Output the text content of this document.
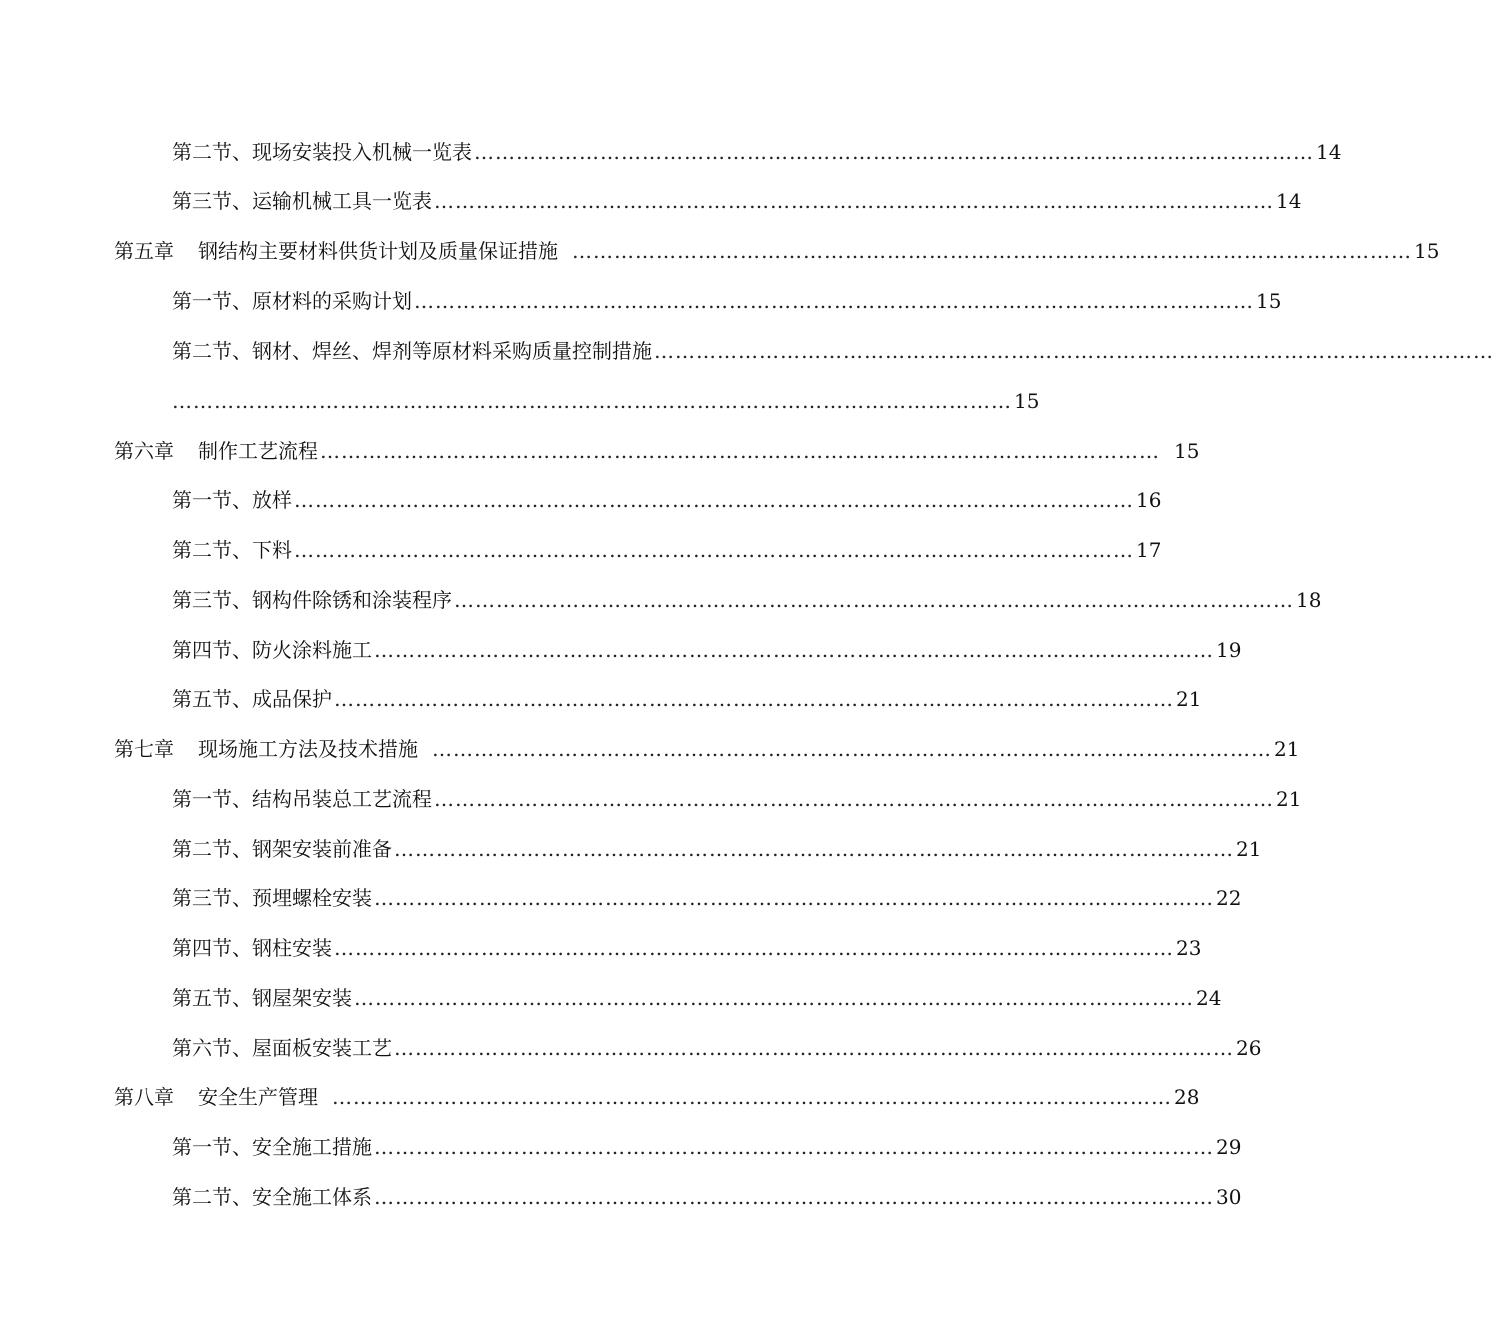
第二节、现场安装投入机械一览表 ………………………………………………………………………………………………………… 14
第三节、运输机械工具一览表 ………………………………………………………………………………………………………… 14
第五章 钢结构主要材料供货计划及质量保证措施 ………………………………………………………………………………………………………… 15
第一节、原材料的采购计划 ………………………………………………………………………………………………………… 15
第二节、钢材、焊丝、焊剂等原材料采购质量控制措施 …………………………………………………………………………………………………………
………………………………………………………………………………………………………… 15
第六章 制作工艺流程 ………………………………………………………………………………………………………… 15
第一节、放样 ………………………………………………………………………………………………………… 16
第二节、下料 ………………………………………………………………………………………………………… 17
第三节、钢构件除锈和涂装程序 ………………………………………………………………………………………………………… 18
第四节、防火涂料施工 ………………………………………………………………………………………………………… 19
第五节、成品保护 ………………………………………………………………………………………………………… 21
第七章 现场施工方法及技术措施 ………………………………………………………………………………………………………… 21
第一节、结构吊装总工艺流程 ………………………………………………………………………………………………………… 21
第二节、钢架安装前准备 ………………………………………………………………………………………………………… 21
第三节、预埋螺栓安装 ………………………………………………………………………………………………………… 22
第四节、钢柱安装 ………………………………………………………………………………………………………… 23
第五节、钢屋架安装 ………………………………………………………………………………………………………… 24
第六节、屋面板安装工艺 ………………………………………………………………………………………………………… 26
第八章 安全生产管理 ………………………………………………………………………………………………………… 28
第一节、安全施工措施 ………………………………………………………………………………………………………… 29
第二节、安全施工体系 ………………………………………………………………………………………………………… 30
